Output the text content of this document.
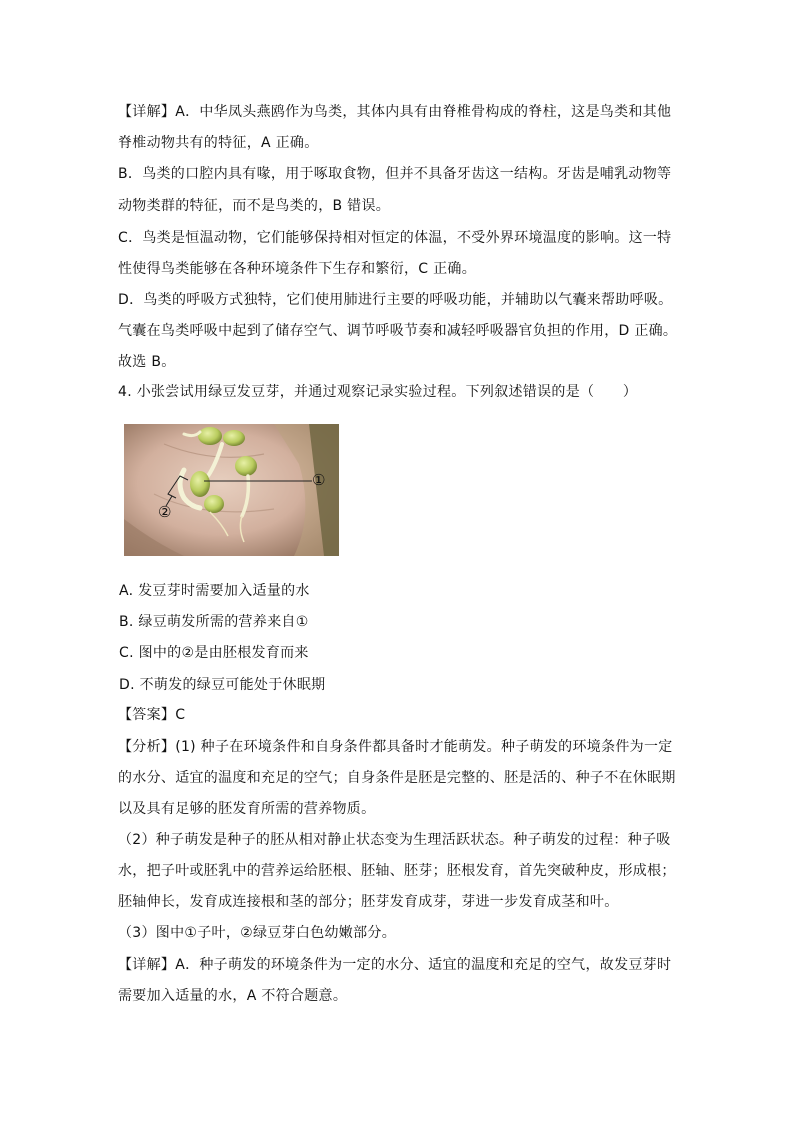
【详解】A．中华凤头燕鸥作为鸟类，其体内具有由脊椎骨构成的脊柱，这是鸟类和其他
脊椎动物共有的特征，A 正确。
B．鸟类的口腔内具有喙，用于啄取食物，但并不具备牙齿这一结构。牙齿是哺乳动物等
动物类群的特征，而不是鸟类的，B 错误。
C．鸟类是恒温动物，它们能够保持相对恒定的体温，不受外界环境温度的影响。这一特
性使得鸟类能够在各种环境条件下生存和繁衍，C 正确。
D．鸟类的呼吸方式独特，它们使用肺进行主要的呼吸功能，并辅助以气囊来帮助呼吸。
气囊在鸟类呼吸中起到了储存空气、调节呼吸节奏和减轻呼吸器官负担的作用，D 正确。
故选 B。
4. 小张尝试用绿豆发豆芽，并通过观察记录实验过程。下列叙述错误的是（　　）
①
②
A. 发豆芽时需要加入适量的水
B. 绿豆萌发所需的营养来自①
C. 图中的②是由胚根发育而来
D. 不萌发的绿豆可能处于休眠期
【答案】C
【分析】(1) 种子在环境条件和自身条件都具备时才能萌发。种子萌发的环境条件为一定
的水分、适宜的温度和充足的空气；自身条件是胚是完整的、胚是活的、种子不在休眠期
以及具有足够的胚发育所需的营养物质。
（2）种子萌发是种子的胚从相对静止状态变为生理活跃状态。种子萌发的过程：种子吸
水，把子叶或胚乳中的营养运给胚根、胚轴、胚芽；胚根发育，首先突破种皮，形成根；
胚轴伸长，发育成连接根和茎的部分；胚芽发育成芽，芽进一步发育成茎和叶。
（3）图中①子叶，②绿豆芽白色幼嫩部分。
【详解】A．种子萌发的环境条件为一定的水分、适宜的温度和充足的空气，故发豆芽时
需要加入适量的水，A 不符合题意。
